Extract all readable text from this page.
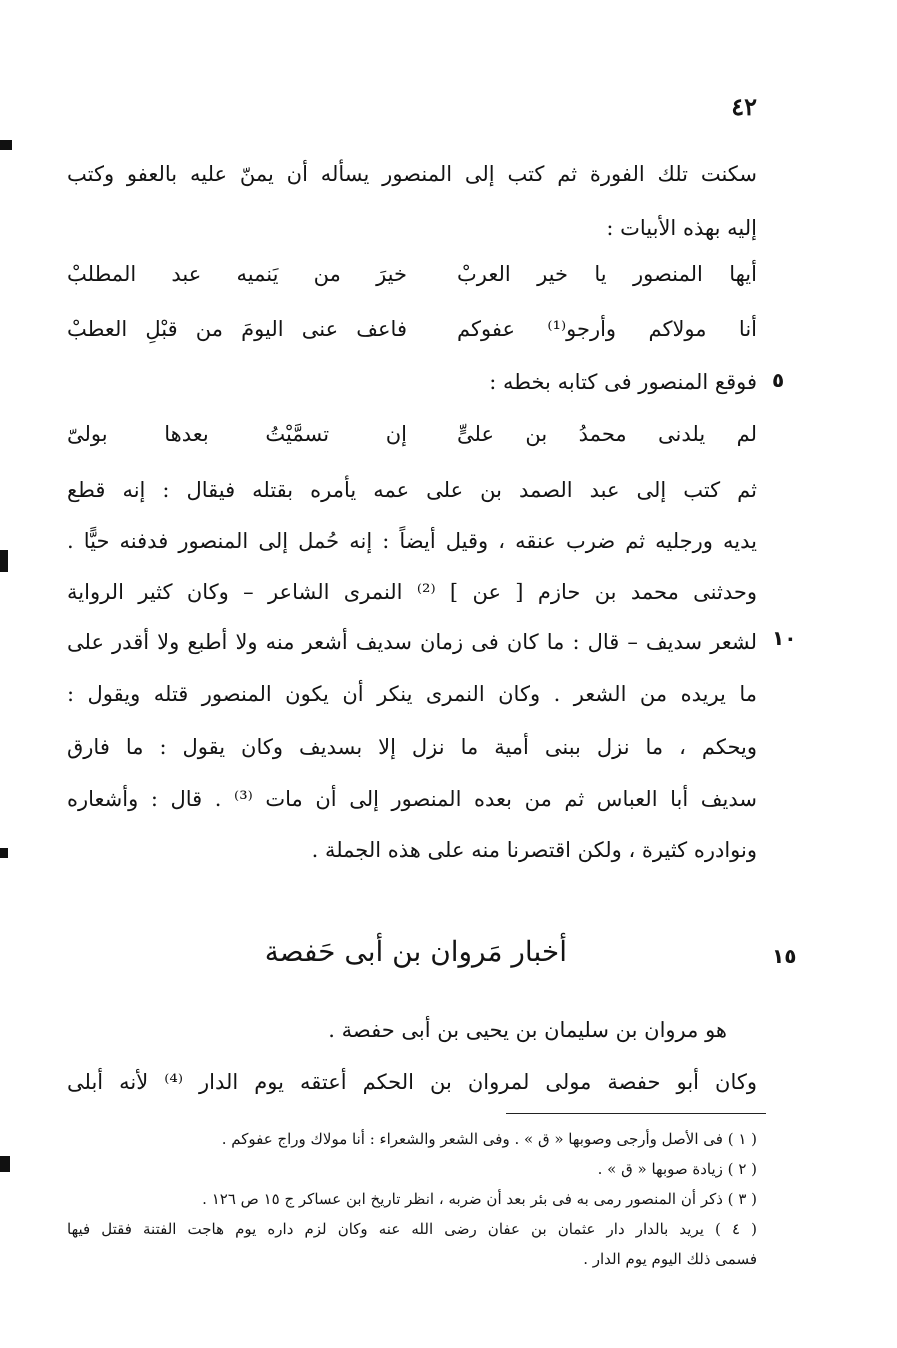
٤٢
سكنت تلك الفورة ثم كتب إلى المنصور يسأله أن يمنّ عليه بالعفو وكتب
إليه بهذه الأبيات :
أيها المنصور يا خير العربْ
خيرَ من يَنميه عبد المطلبْ
أنا مولاكم وأرجو⁽¹⁾ عفوكم
فاعف عنى اليومَ من قبْلِ العطبْ
٥
فوقع المنصور فى كتابه بخطه :
لم يلدنى محمدُ بن علىٍّ
إن تسمَّيْتُ بعدها بولىّ
ثم كتب إلى عبد الصمد بن على عمه يأمره بقتله فيقال : إنه قطع
يديه ورجليه ثم ضرب عنقه ، وقيل أيضاً : إنه حُمل إلى المنصور فدفنه حيًّا .
وحدثنى محمد بن حازم [ عن ] ⁽²⁾ النمرى الشاعر – وكان كثير الرواية
١٠
لشعر سديف – قال : ما كان فى زمان سديف أشعر منه ولا أطبع ولا أقدر على
ما يريده من الشعر . وكان النمرى ينكر أن يكون المنصور قتله ويقول :
ويحكم ، ما نزل ببنى أمية ما نزل إلا بسديف وكان يقول : ما فارق
سديف أبا العباس ثم من بعده المنصور إلى أن مات ⁽³⁾ . قال : وأشعاره
ونوادره كثيرة ، ولكن اقتصرنا منه على هذه الجملة .
١٥
أخبار مَروان بن أبى حَفصة
هو مروان بن سليمان بن يحيى بن أبى حفصة .
وكان أبو حفصة مولى لمروان بن الحكم أعتقه يوم الدار ⁽⁴⁾ لأنه أبلى
( ١ ) فى الأصل وأرجى وصوبها « ق » . وفى الشعر والشعراء : أنا مولاك وراج عفوكم .
( ٢ ) زيادة صوبها « ق » .
( ٣ ) ذكر أن المنصور رمى به فى بئر بعد أن ضربه ، انظر تاريخ ابن عساكر ج ١٥ ص ١٢٦ .
( ٤ ) يريد بالدار دار عثمان بن عفان رضى الله عنه وكان لزم داره يوم هاجت الفتنة فقتل فيها
فسمى ذلك اليوم يوم الدار .
